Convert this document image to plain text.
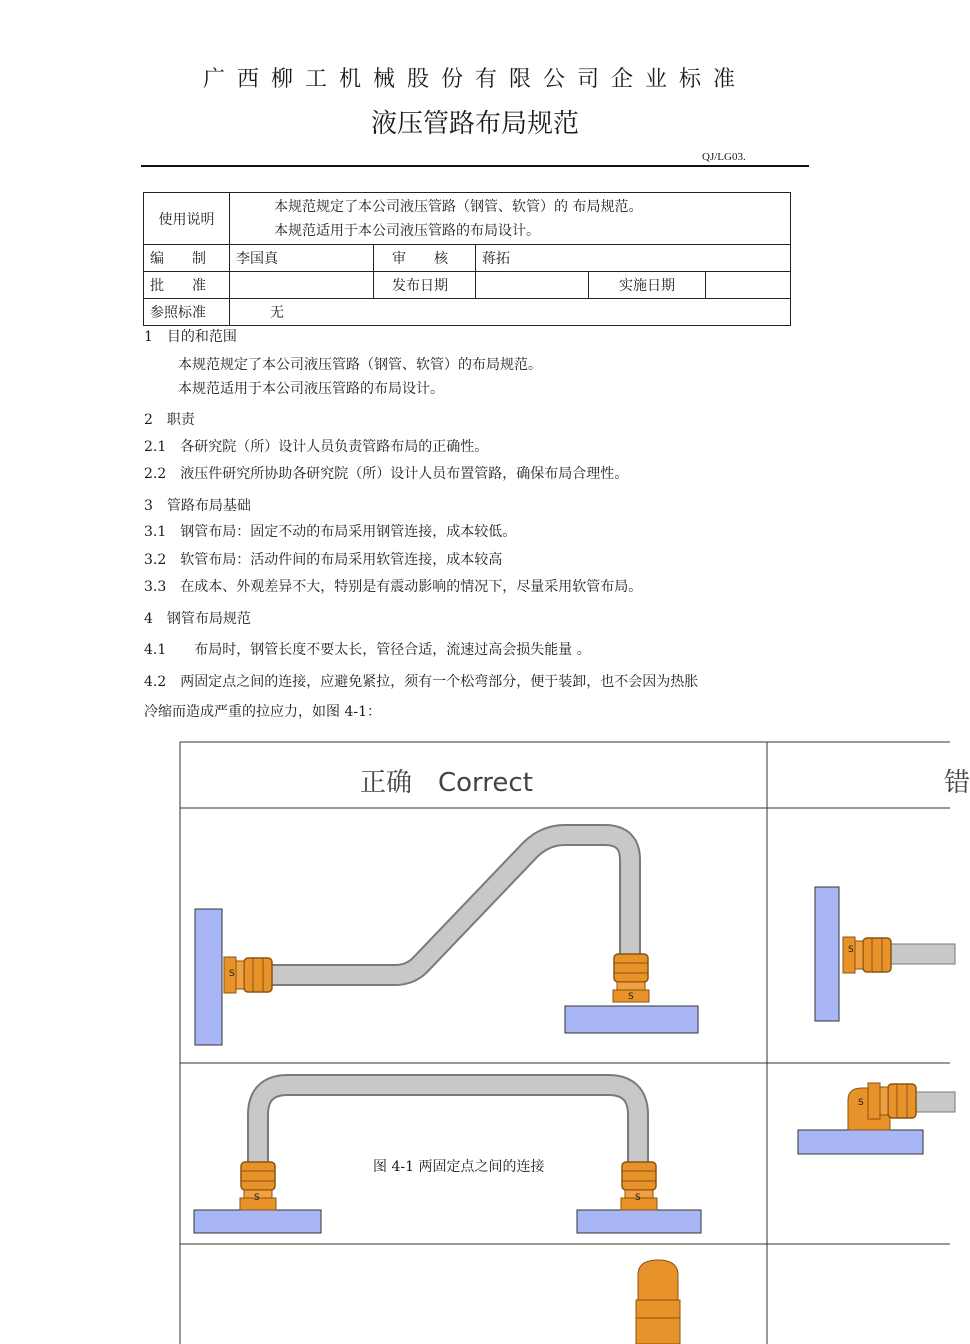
广西柳工机械股份有限公司企业标准
液压管路布局规范
QJ/LG03.
使用说明	本规范规定了本公司液压管路（钢管、软管）的 布局规范。
本规范适用于本公司液压管路的布局设计。				

编　　制	李国真	审　　核	蒋拓		
批　　准		发布日期		实施日期	
参照标准	无				
1　目的和范围
本规范规定了本公司液压管路（钢管、软管）的布局规范。
本规范适用于本公司液压管路的布局设计。
2　职责
2.1　各研究院（所）设计人员负责管路布局的正确性。
2.2　液压件研究所协助各研究院（所）设计人员布置管路，确保布局合理性。
3　管路布局基础
3.1　钢管布局：固定不动的布局采用钢管连接，成本较低。
3.2　软管布局：活动件间的布局采用软管连接，成本较高
3.3　在成本、外观差异不大，特别是有震动影响的情况下，尽量采用软管布局。
4　钢管布局规范
4.1　　布局时，钢管长度不要太长，管径合适，流速过高会损失能量 。
4.2　两固定点之间的连接，应避免紧拉，须有一个松弯部分，便于装卸，也不会因为热胀
冷缩而造成严重的拉应力，如图 4-1：
S
S
S	S
S
S
正确　Correct	错
图 4-1 两固定点之间的连接
